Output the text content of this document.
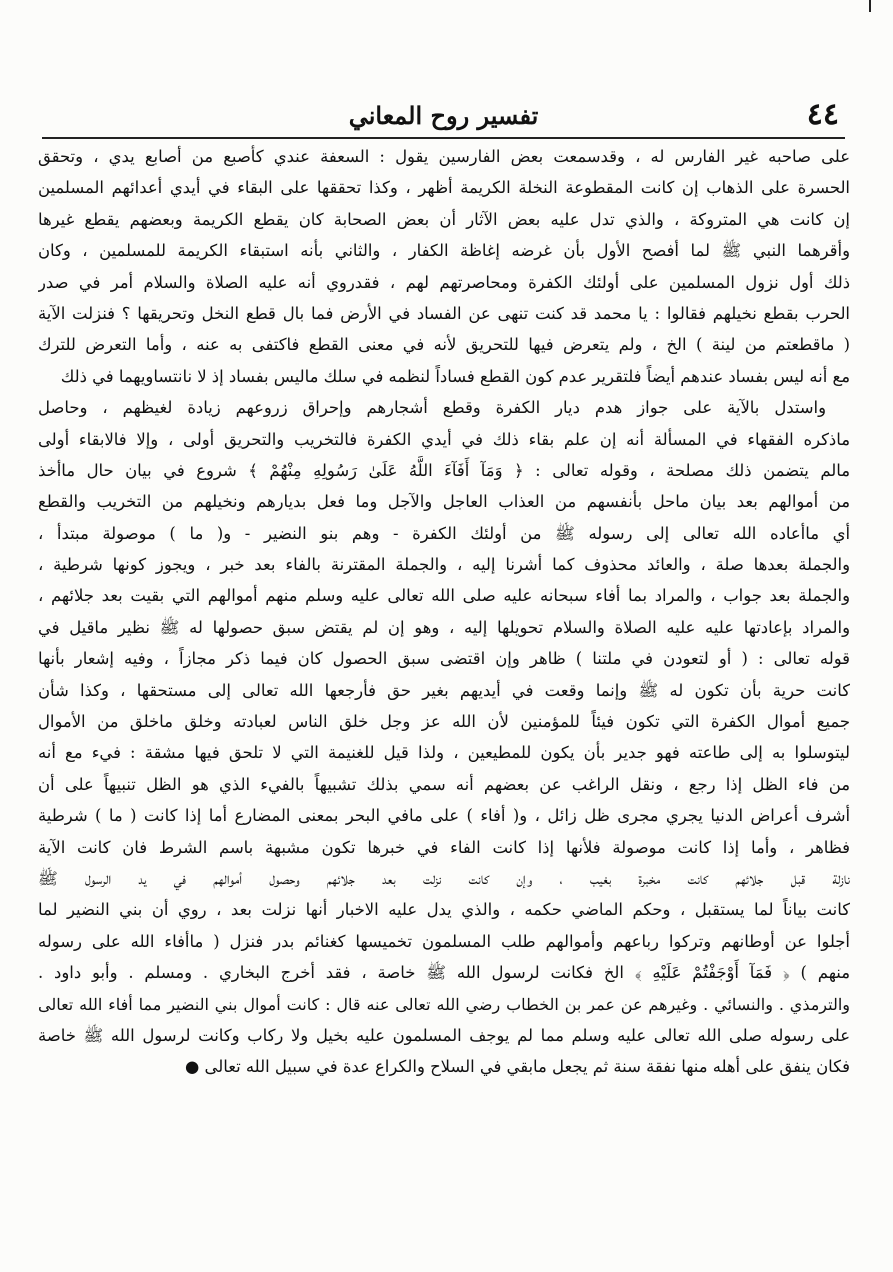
٤٤
تفسير روح المعاني
على صاحبه غير الفارس له ، وقدسمعت بعض الفارسين يقول : السعفة عندي كأصبع من أصابع يدي ، وتحقق
الحسرة على الذهاب إن كانت المقطوعة النخلة الكريمة أظهر ، وكذا تحققها على البقاء في أيدي أعدائهم المسلمين
إن كانت هي المتروكة ، والذي تدل عليه بعض الآثار أن بعض الصحابة كان يقطع الكريمة وبعضهم يقطع غيرها
وأقرهما النبي ﷺ لما أفصح الأول بأن غرضه إغاظة الكفار ، والثاني بأنه استبقاء الكريمة للمسلمين ، وكان
ذلك أول نزول المسلمين على أولئك الكفرة ومحاصرتهم لهم ، فقدروي أنه عليه الصلاة والسلام أمر في صدر
الحرب بقطع نخيلهم فقالوا : يا محمد قد كنت تنهى عن الفساد في الأرض فما بال قطع النخل وتحريقها ؟ فنزلت الآية
( ماقطعتم من لينة ) الخ ، ولم يتعرض فيها للتحريق لأنه في معنى القطع فاكتفى به عنه ، وأما التعرض للترك
مع أنه ليس بفساد عندهم أيضاً فلتقرير عدم كون القطع فساداً لنظمه في سلك ماليس بفساد إذ لا نانتساويهما في ذلك
واستدل بالآية على جواز هدم ديار الكفرة وقطع أشجارهم وإحراق زروعهم زيادة لغيظهم ، وحاصل
ماذكره الفقهاء في المسألة أنه إن علم بقاء ذلك في أيدي الكفرة فالتخريب والتحريق أولى ، وإلا فالابقاء أولى
مالم يتضمن ذلك مصلحة ، وقوله تعالى : ﴿ وَمَآ أَفَآءَ اللَّهُ عَلَىٰ رَسُولِهِ مِنْهُمْ ﴾ شروع في بيان حال ماأخذ
من أموالهم بعد بيان ماحل بأنفسهم من العذاب العاجل والآجل وما فعل بديارهم ونخيلهم من التخريب والقطع
أي ماأعاده الله تعالى إلى رسوله ﷺ من أولئك الكفرة - وهم بنو النضير - و( ما ) موصولة مبتدأ ،
والجملة بعدها صلة ، والعائد محذوف كما أشرنا إليه ، والجملة المقترنة بالفاء بعد خبر ، ويجوز كونها شرطية ،
والجملة بعد جواب ، والمراد بما أفاء سبحانه عليه صلى الله تعالى عليه وسلم منهم أموالهم التي بقيت بعد جلائهم ،
والمراد بإعادتها عليه عليه الصلاة والسلام تحويلها إليه ، وهو إن لم يقتض سبق حصولها له ﷺ نظير ماقيل في
قوله تعالى : ( أو لتعودن في ملتنا ) ظاهر وإن اقتضى سبق الحصول كان فيما ذكر مجازاً ، وفيه إشعار بأنها
كانت حرية بأن تكون له ﷺ وإنما وقعت في أيديهم بغير حق فأرجعها الله تعالى إلى مستحقها ، وكذا شأن
جميع أموال الكفرة التي تكون فيئاً للمؤمنين لأن الله عز وجل خلق الناس لعبادته وخلق ماخلق من الأموال
ليتوسلوا به إلى طاعته فهو جدير بأن يكون للمطيعين ، ولذا قيل للغنيمة التي لا تلحق فيها مشقة : فيء مع أنه
من فاء الظل إذا رجع ، ونقل الراغب عن بعضهم أنه سمي بذلك تشبيهاً بالفيء الذي هو الظل تنبيهاً على أن
أشرف أعراض الدنيا يجري مجرى ظل زائل ، و( أفاء ) على مافي البحر بمعنى المضارع أما إذا كانت ( ما ) شرطية
فظاهر ، وأما إذا كانت موصولة فلأنها إذا كانت الفاء في خبرها تكون مشبهة باسم الشرط فان كانت الآية
نازلة قبل جلائهم كانت مخبرة بغيب ، وإن كانت نزلت بعد جلائهم وحصول أموالهم في يد الرسول ﷺ
كانت بياناً لما يستقبل ، وحكم الماضي حكمه ، والذي يدل عليه الاخبار أنها نزلت بعد ، روي أن بني النضير لما
أجلوا عن أوطانهم وتركوا رباعهم وأموالهم طلب المسلمون تخميسها كغنائم بدر فنزل ( ماأفاء الله على رسوله
منهم ) ﴿ فَمَآ أَوْجَفْتُمْ عَلَيْهِ ﴾ الخ فكانت لرسول الله ﷺ خاصة ، فقد أخرج البخاري . ومسلم . وأبو داود .
والترمذي . والنسائي . وغيرهم عن عمر بن الخطاب رضي الله تعالى عنه قال : كانت أموال بني النضير مما أفاء الله تعالى
على رسوله صلى الله تعالى عليه وسلم مما لم يوجف المسلمون عليه بخيل ولا ركاب وكانت لرسول الله ﷺ خاصة
فكان ينفق على أهله منها نفقة سنة ثم يجعل مابقي في السلاح والكراع عدة في سبيل الله تعالى ●
